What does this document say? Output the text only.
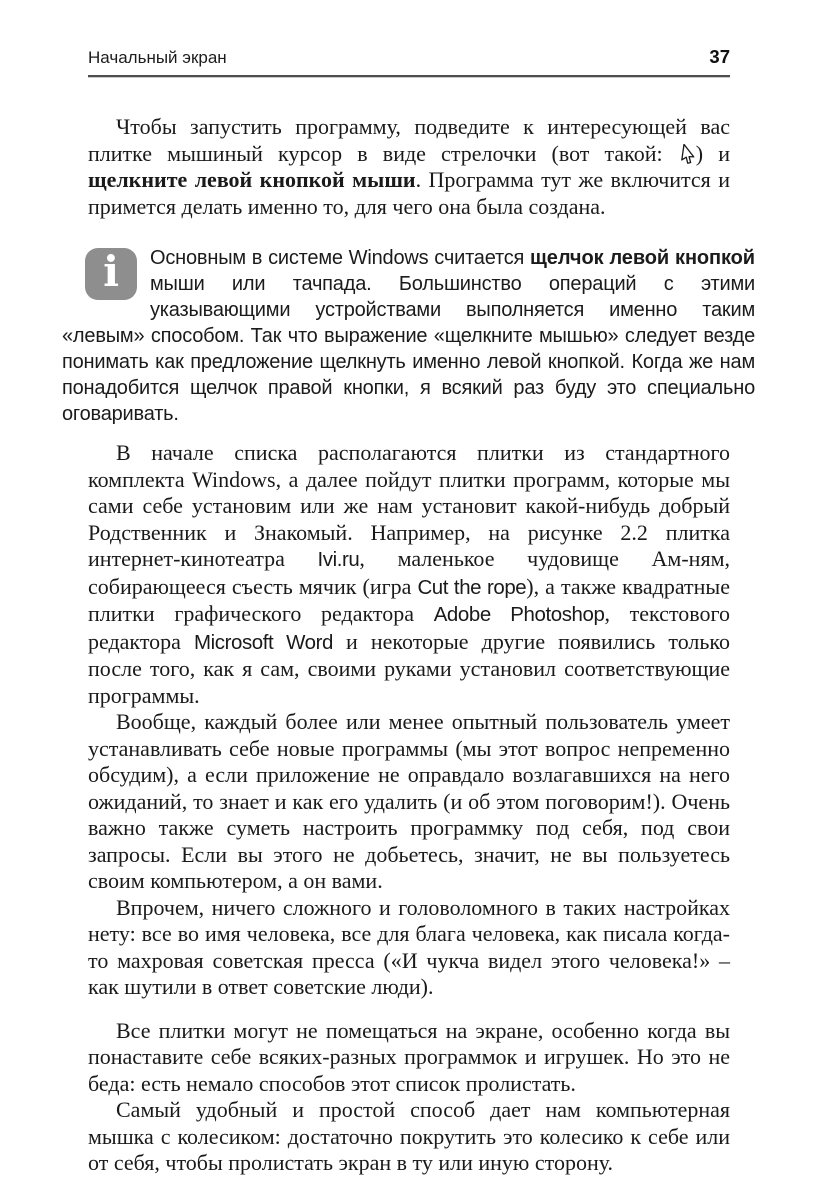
Начальный экран	37

Чтобы запустить программу, подведите к интересующей вас плитке мышиный курсор в виде стрелочки (вот такой: ) и щелкните левой кнопкой мыши. Программа тут же включится и примется делать именно то, для чего она была создана.

i	Основным в системе Windows считается щелчок левой кнопкой мыши или тачпада. Большинство операций с этими указывающими устройствами выполняется именно таким «левым» способом. Так что выражение «щелкните мышью» следует везде понимать как предложение щелкнуть именно левой кнопкой. Когда же нам понадобится щелчок правой кнопки, я всякий раз буду это специально оговаривать.

В начале списка располагаются плитки из стандартного комплекта Windows, а далее пойдут плитки программ, которые мы сами себе установим или же нам установит какой-нибудь добрый Родственник и Знакомый. Например, на рисунке 2.2 плитка интернет-кинотеатра Ivi.ru, маленькое чудовище Ам-ням, собирающееся съесть мячик (игра Cut the rope), а также квадратные плитки графического редактора Adobe Photoshop, текстового редактора Microsoft Word и некоторые другие появились только после того, как я сам, своими руками установил соответствующие программы.

Вообще, каждый более или менее опытный пользователь умеет устанавливать себе новые программы (мы этот вопрос непременно обсудим), а если приложение не оправдало возлагавшихся на него ожиданий, то знает и как его удалить (и об этом поговорим!). Очень важно также суметь настроить программку под себя, под свои запросы. Если вы этого не добьетесь, значит, не вы пользуетесь своим компьютером, а он вами.

Впрочем, ничего сложного и головоломного в таких настройках нету: все во имя человека, все для блага человека, как писала когда-то махровая советская пресса («И чукча видел этого человека!» – как шутили в ответ советские люди).

Все плитки могут не помещаться на экране, особенно когда вы понаставите себе всяких-разных программок и игрушек. Но это не беда: есть немало способов этот список пролистать.

Самый удобный и простой способ дает нам компьютерная мышка с колесиком: достаточно покрутить это колесико к себе или от себя, чтобы пролистать экран в ту или иную сторону.
